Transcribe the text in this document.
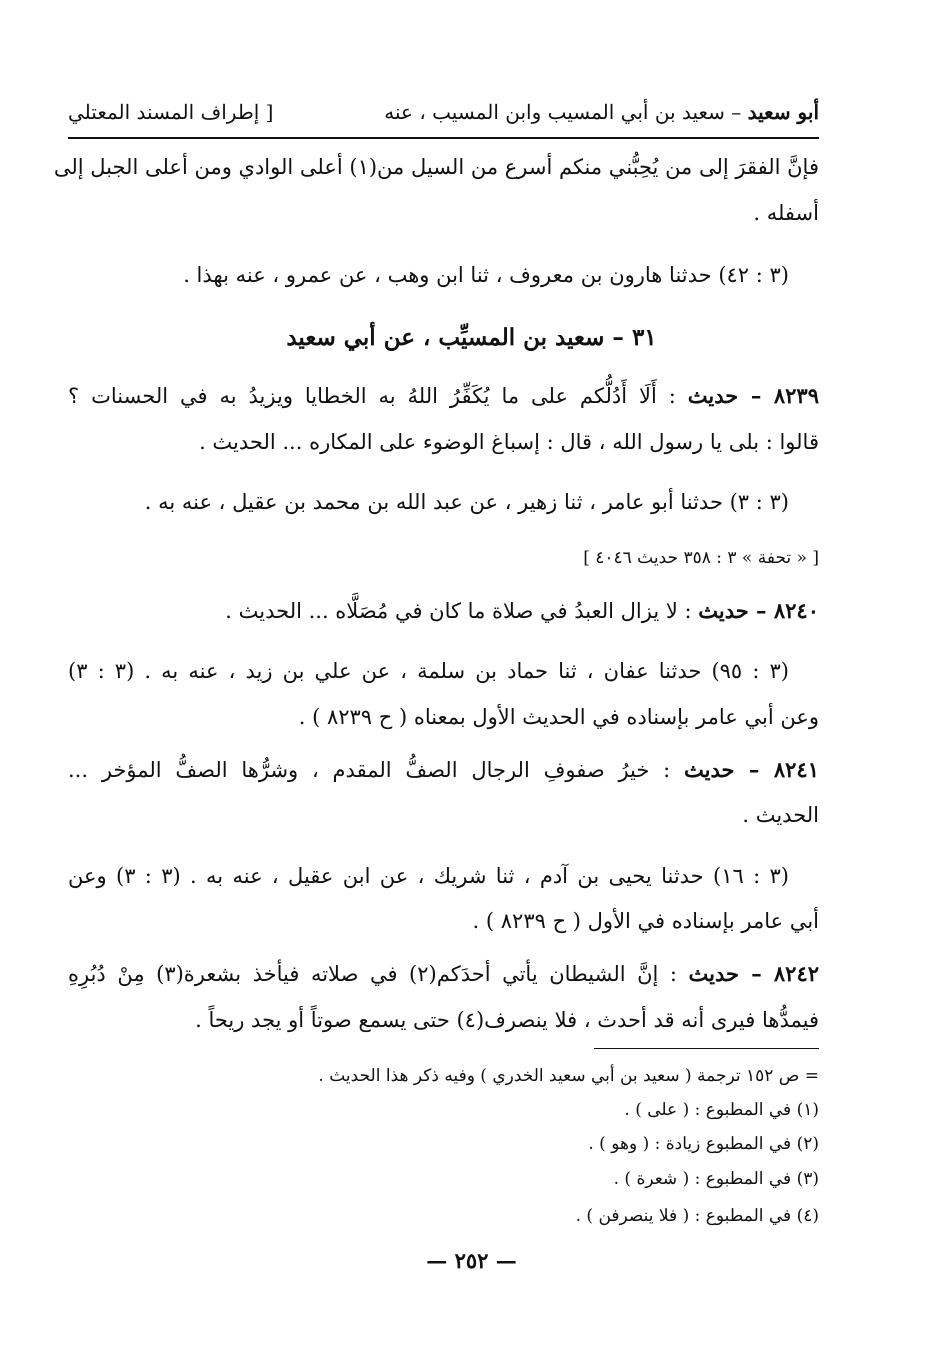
أبو سعيد – سعيد بن أبي المسيب وابن المسيب ، عنه
[ إطراف المسند المعتلي
فإنَّ الفقرَ إلى من يُحِبُّني منكم أسرع من السيل من(١) أعلى الوادي ومن أعلى الجبل إلى
أسفله .
(٣ : ٤٢) حدثنا هارون بن معروف ، ثنا ابن وهب ، عن عمرو ، عنه بهذا .
٣١ – سعيد بن المسيِّب ، عن أبي سعيد
٨٢٣٩ – حديث : أَلَا أَدُلُّكم على ما يُكَفِّرُ اللهُ به الخطايا ويزيدُ به في الحسنات ؟
قالوا : بلى يا رسول الله ، قال : إسباغ الوضوء على المكاره ... الحديث .
(٣ : ٣) حدثنا أبو عامر ، ثنا زهير ، عن عبد الله بن محمد بن عقيل ، عنه به .
[ « تحفة » ٣ : ٣٥٨ حديث ٤٠٤٦ ]
٨٢٤٠ – حديث : لا يزال العبدُ في صلاة ما كان في مُصَلَّاه ... الحديث .
(٣ : ٩٥) حدثنا عفان ، ثنا حماد بن سلمة ، عن علي بن زيد ، عنه به . (٣ : ٣)
وعن أبي عامر بإسناده في الحديث الأول بمعناه ( ح ٨٢٣٩ ) .
٨٢٤١ – حديث : خيرُ صفوفِ الرجال الصفُّ المقدم ، وشرُّها الصفُّ المؤخر ...
الحديث .
(٣ : ١٦) حدثنا يحيى بن آدم ، ثنا شريك ، عن ابن عقيل ، عنه به . (٣ : ٣) وعن
أبي عامر بإسناده في الأول ( ح ٨٢٣٩ ) .
٨٢٤٢ – حديث : إنَّ الشيطان يأتي أحدَكم(٢) في صلاته فيأخذ بشعرة(٣) مِنْ دُبُرِهِ
فيمدُّها فيرى أنه قد أحدث ، فلا ينصرف(٤) حتى يسمع صوتاً أو يجد ريحاً .
= ص ١٥٢ ترجمة ( سعيد بن أبي سعيد الخدري ) وفيه ذكر هذا الحديث .
(١) في المطبوع : ( على ) .
(٢) في المطبوع زيادة : ( وهو ) .
(٣) في المطبوع : ( شعرة ) .
(٤) في المطبوع : ( فلا ينصرفن ) .
— ٢٥٢ —
